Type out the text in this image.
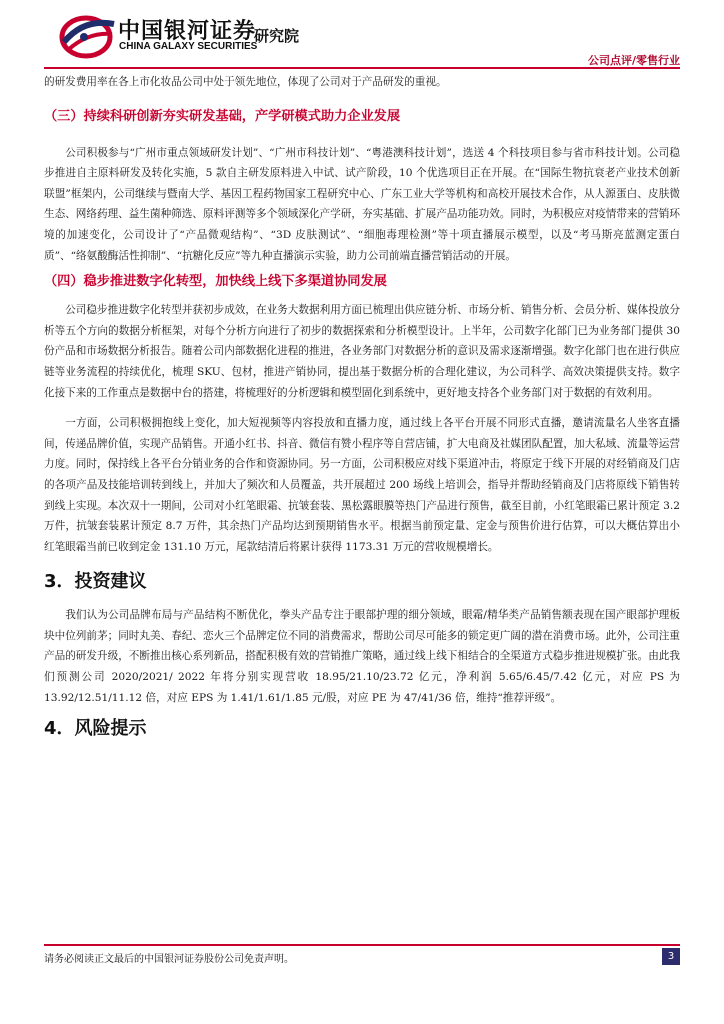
中国银河证券
CHINA GALAXY SECURITIES
研究院
公司点评/零售行业

的研发费用率在各上市化妆品公司中处于领先地位，体现了公司对于产品研发的重视。

（三）持续科研创新夯实研发基础，产学研模式助力企业发展

公司积极参与“广州市重点领域研发计划”、“广州市科技计划”、“粤港澳科技计划”，选送 4 个科技项目参与省市科技计划。公司稳步推进自主原料研发及转化实施，5 款自主研发原料进入中试、试产阶段，10 个优选项目正在开展。在“国际生物抗衰老产业技术创新联盟”框架内，公司继续与暨南大学、基因工程药物国家工程研究中心、广东工业大学等机构和高校开展技术合作，从人源蛋白、皮肤微生态、网络药理、益生菌种筛选、原料评测等多个领域深化产学研，夯实基础、扩展产品功能功效。同时，为积极应对疫情带来的营销环境的加速变化，公司设计了“产品微观结构”、“3D 皮肤测试”、“细胞毒理检测”等十项直播展示模型，以及“考马斯亮蓝测定蛋白质”、“络氨酸酶活性抑制”、“抗糖化反应”等九种直播演示实验，助力公司前端直播营销活动的开展。

（四）稳步推进数字化转型，加快线上线下多渠道协同发展

公司稳步推进数字化转型并获初步成效，在业务大数据利用方面已梳理出供应链分析、市场分析、销售分析、会员分析、媒体投放分析等五个方向的数据分析框架，对每个分析方向进行了初步的数据探索和分析模型设计。上半年，公司数字化部门已为业务部门提供 30 份产品和市场数据分析报告。随着公司内部数据化进程的推进，各业务部门对数据分析的意识及需求逐渐增强。数字化部门也在进行供应链等业务流程的持续优化，梳理 SKU、包材，推进产销协同，提出基于数据分析的合理化建议，为公司科学、高效决策提供支持。数字化接下来的工作重点是数据中台的搭建，将梳理好的分析逻辑和模型固化到系统中，更好地支持各个业务部门对于数据的有效利用。

一方面，公司积极拥抱线上变化，加大短视频等内容投放和直播力度，通过线上各平台开展不同形式直播，邀请流量名人坐客直播间，传递品牌价值，实现产品销售。开通小红书、抖音、微信有赞小程序等自营店铺，扩大电商及社媒团队配置，加大私域、流量等运营力度。同时，保持线上各平台分销业务的合作和资源协同。另一方面，公司积极应对线下渠道冲击，将原定于线下开展的对经销商及门店的各项产品及技能培训转到线上，并加大了频次和人员覆盖，共开展超过 200 场线上培训会，指导并帮助经销商及门店将原线下销售转到线上实现。本次双十一期间，公司对小红笔眼霜、抗皱套装、黑松露眼膜等热门产品进行预售，截至目前，小红笔眼霜已累计预定 3.2 万件，抗皱套装累计预定 8.7 万件，其余热门产品均达到预期销售水平。根据当前预定量、定金与预售价进行估算，可以大概估算出小红笔眼霜当前已收到定金 131.10 万元，尾款结清后将累计获得 1173.31 万元的营收规模增长。

3．投资建议

我们认为公司品牌布局与产品结构不断优化，拳头产品专注于眼部护理的细分领域，眼霜/精华类产品销售额表现在国产眼部护理板块中位列前茅；同时丸美、春纪、恋火三个品牌定位不同的消费需求，帮助公司尽可能多的锁定更广阔的潜在消费市场。此外，公司注重产品的研发升级，不断推出核心系列新品，搭配积极有效的营销推广策略，通过线上线下相结合的全渠道方式稳步推进规模扩张。由此我们预测公司 2020/2021/ 2022 年将分别实现营收 18.95/21.10/23.72 亿元，净利润 5.65/6.45/7.42 亿元，对应 PS 为 13.92/12.51/11.12 倍，对应 EPS 为 1.41/1.61/1.85 元/股，对应 PE 为 47/41/36 倍，维持“推荐评级”。

4．风险提示
请务必阅读正文最后的中国银河证券股份公司免责声明。	3
